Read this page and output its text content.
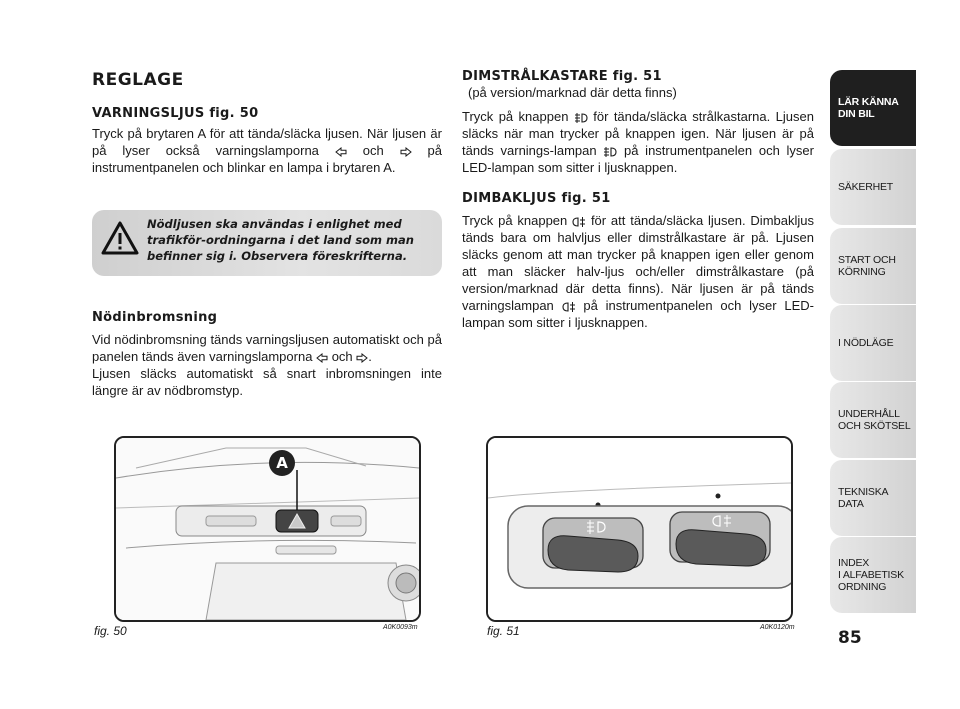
REGLAGE
VARNINGSLJUS fig. 50
Tryck på brytaren A för att tända/släcka ljusen. När ljusen är på lyser också varningslamporna	och	på instrumentpanelen och blinkar en lampa i brytaren A.
Nödljusen ska användas i enlighet med trafikför-ordningarna i det land som man befinner sig i. Observera föreskrifterna.
Nödinbromsning
Vid nödinbromsning tänds varningsljusen automatiskt och på panelen tänds även varningslamporna och .
Ljusen släcks automatiskt så snart inbromsningen inte längre är av nödbromstyp.
DIMSTRÅLKASTARE fig. 51
(på version/marknad där detta finns)
Tryck på knappen för tända/släcka strålkastarna. Ljusen släcks när man trycker på knappen igen. När ljusen är på tänds varnings-lampan på instrumentpanelen och lyser LED-lampan som sitter i ljusknappen.
DIMBAKLJUS fig. 51
Tryck på knappen för att tända/släcka ljusen. Dimbakljus tänds bara om halvljus eller dimstrålkastare är på. Ljusen släcks genom att man trycker på knappen igen eller genom att man släcker halv-ljus och/eller dimstrålkastare (på version/marknad där detta finns). När ljusen är på tänds varningslampan på instrumentpanelen och lyser LED-lampan som sitter i ljusknappen.
A
fig. 50	A0K0093m	fig. 51	A0K0120m
LÄR KÄNNA
DIN BIL
SÄKERHET
START OCH
KÖRNING
I NÖDLÄGE
UNDERHÅLL
OCH SKÖTSEL
TEKNISKA DATA
INDEX
I ALFABETISK
ORDNING
85
